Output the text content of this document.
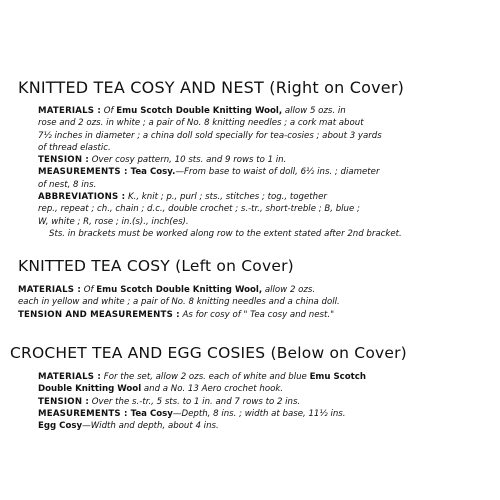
KNITTED TEA COSY AND NEST (Right on Cover)
MATERIALS : Of Emu Scotch Double Knitting Wool, allow 5 ozs. in
rose and 2 ozs. in white ; a pair of No. 8 knitting needles ; a cork mat about
7½ inches in diameter ; a china doll sold specially for tea-cosies ; about 3 yards
of thread elastic.
TENSION : Over cosy pattern, 10 sts. and 9 rows to 1 in.
MEASUREMENTS : Tea Cosy.—From base to waist of doll, 6½ ins. ; diameter
of nest, 8 ins.
ABBREVIATIONS : K., knit ; p., purl ; sts., stitches ; tog., together
rep., repeat ; ch., chain ; d.c., double crochet ; s.-tr., short-treble ; B, blue ;
W, white ; R, rose ; in.(s)., inch(es).
Sts. in brackets must be worked along row to the extent stated after 2nd bracket.
KNITTED TEA COSY (Left on Cover)
MATERIALS : Of Emu Scotch Double Knitting Wool, allow 2 ozs.
each in yellow and white ; a pair of No. 8 knitting needles and a china doll.
TENSION AND MEASUREMENTS : As for cosy of " Tea cosy and nest."
CROCHET TEA AND EGG COSIES (Below on Cover)
MATERIALS : For the set, allow 2 ozs. each of white and blue Emu Scotch
Double Knitting Wool and a No. 13 Aero crochet hook.
TENSION : Over the s.-tr., 5 sts. to 1 in. and 7 rows to 2 ins.
MEASUREMENTS : Tea Cosy—Depth, 8 ins. ; width at base, 11½ ins.
Egg Cosy—Width and depth, about 4 ins.
